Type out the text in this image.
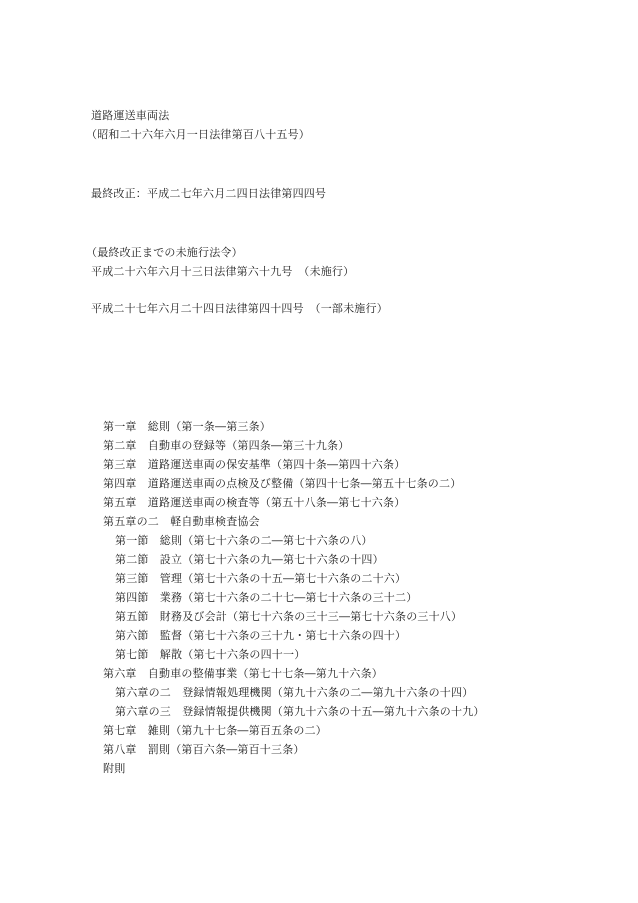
道路運送車両法
（昭和二十六年六月一日法律第百八十五号）
最終改正：平成二七年六月二四日法律第四四号
（最終改正までの未施行法令）
平成二十六年六月十三日法律第六十九号　（未施行）
平成二十七年六月二十四日法律第四十四号　（一部未施行）
第一章　総則（第一条―第三条）
第二章　自動車の登録等（第四条―第三十九条）
第三章　道路運送車両の保安基準（第四十条―第四十六条）
第四章　道路運送車両の点検及び整備（第四十七条―第五十七条の二）
第五章　道路運送車両の検査等（第五十八条―第七十六条）
第五章の二　軽自動車検査協会
第一節　総則（第七十六条の二―第七十六条の八）
第二節　設立（第七十六条の九―第七十六条の十四）
第三節　管理（第七十六条の十五―第七十六条の二十六）
第四節　業務（第七十六条の二十七―第七十六条の三十二）
第五節　財務及び会計（第七十六条の三十三―第七十六条の三十八）
第六節　監督（第七十六条の三十九・第七十六条の四十）
第七節　解散（第七十六条の四十一）
第六章　自動車の整備事業（第七十七条―第九十六条）
第六章の二　登録情報処理機関（第九十六条の二―第九十六条の十四）
第六章の三　登録情報提供機関（第九十六条の十五―第九十六条の十九）
第七章　雑則（第九十七条―第百五条の二）
第八章　罰則（第百六条―第百十三条）
附則
